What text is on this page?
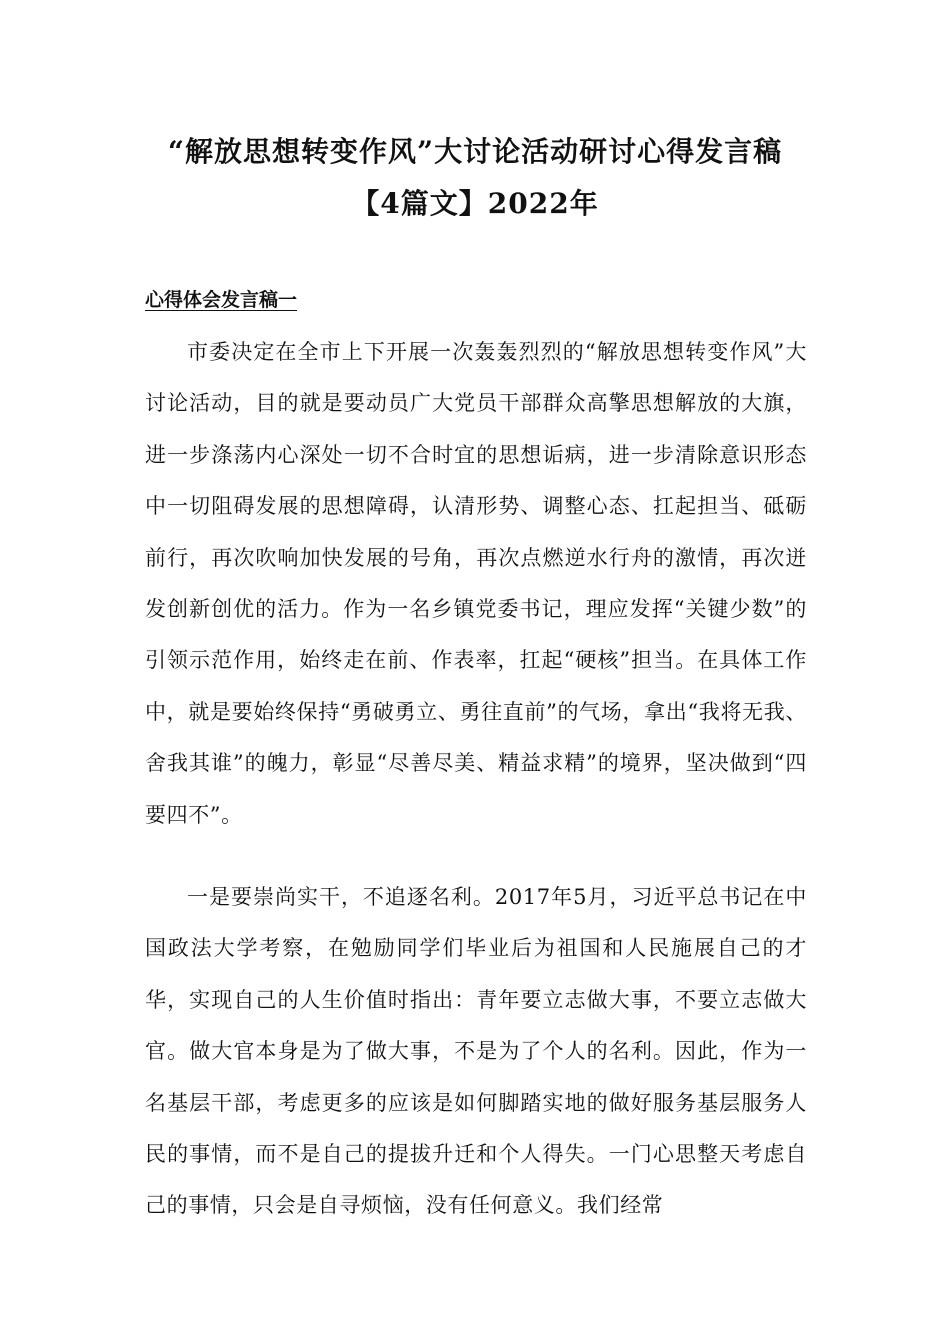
“解放思想转变作风”大讨论活动研讨心得发言稿
【4篇文】2022年
心得体会发言稿一

市委决定在全市上下开展一次轰轰烈烈的“解放思想转变作风”大讨论活动，目的就是要动员广大党员干部群众高擎思想解放的大旗，进一步涤荡内心深处一切不合时宜的思想诟病，进一步清除意识形态中一切阻碍发展的思想障碍，认清形势、调整心态、扛起担当、砥砺前行，再次吹响加快发展的号角，再次点燃逆水行舟的激情，再次迸发创新创优的活力。作为一名乡镇党委书记，理应发挥“关键少数”的引领示范作用，始终走在前、作表率，扛起“硬核”担当。在具体工作中，就是要始终保持“勇破勇立、勇往直前”的气场，拿出“我将无我、舍我其谁”的魄力，彰显“尽善尽美、精益求精”的境界，坚决做到“四要四不”。

一是要崇尚实干，不追逐名利。2017年5月，习近平总书记在中国政法大学考察，在勉励同学们毕业后为祖国和人民施展自己的才华，实现自己的人生价值时指出：青年要立志做大事，不要立志做大官。做大官本身是为了做大事，不是为了个人的名利。因此，作为一名基层干部，考虑更多的应该是如何脚踏实地的做好服务基层服务人民的事情，而不是自己的提拔升迁和个人得失。一门心思整天考虑自己的事情，只会是自寻烦恼，没有任何意义。我们经常
